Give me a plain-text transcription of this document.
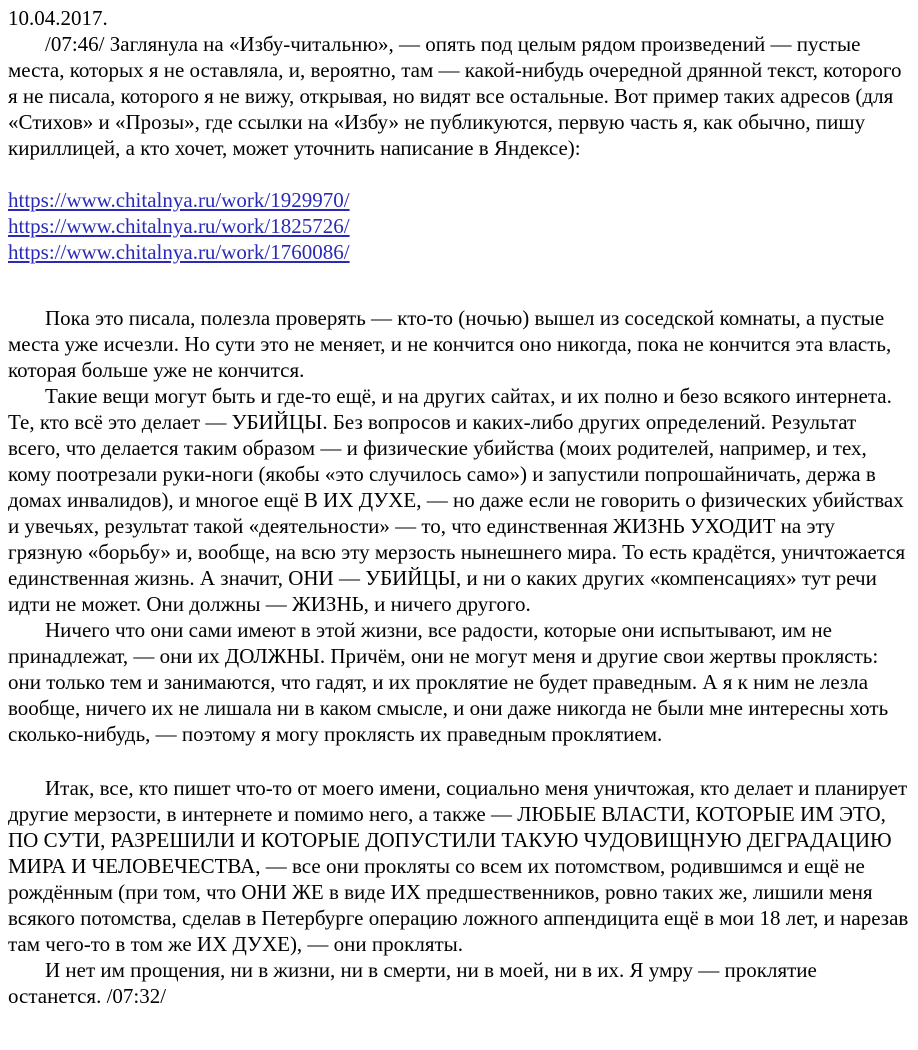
10.04.2017.

/07:46/ Заглянула на «Избу-читальню», — опять под целым рядом произведений — пустые места, которых я не оставляла, и, вероятно, там — какой-нибудь очередной дрянной текст, которого я не писала, которого я не вижу, открывая, но видят все остальные. Вот пример таких адресов (для «Стихов» и «Прозы», где ссылки на «Избу» не публикуются, первую часть я, как обычно, пишу кириллицей, а кто хочет, может уточнить написание в Яндексе):

https://www.chitalnya.ru/work/1929970/
https://www.chitalnya.ru/work/1825726/
https://www.chitalnya.ru/work/1760086/

Пока это писала, полезла проверять — кто-то (ночью) вышел из соседской комнаты, а пустые места уже исчезли. Но сути это не меняет, и не кончится оно никогда, пока не кончится эта власть, которая больше уже не кончится.

Такие вещи могут быть и где-то ещё, и на других сайтах, и их полно и безо всякого интернета. Те, кто всё это делает — УБИЙЦЫ. Без вопросов и каких-либо других определений. Результат всего, что делается таким образом — и физические убийства (моих родителей, например, и тех, кому поотрезали руки-ноги (якобы «это случилось само») и запустили попрошайничать, держа в домах инвалидов), и многое ещё В ИХ ДУХЕ, — но даже если не говорить о физических убийствах и увечьях, результат такой «деятельности» — то, что единственная ЖИЗНЬ УХОДИТ на эту грязную «борьбу» и, вообще, на всю эту мерзость нынешнего мира. То есть крадётся, уничтожается единственная жизнь. А значит, ОНИ — УБИЙЦЫ, и ни о каких других «компенсациях» тут речи идти не может. Они должны — ЖИЗНЬ, и ничего другого.

Ничего что они сами имеют в этой жизни, все радости, которые они испытывают, им не принадлежат, — они их ДОЛЖНЫ. Причём, они не могут меня и другие свои жертвы проклясть: они только тем и занимаются, что гадят, и их проклятие не будет праведным. А я к ним не лезла вообще, ничего их не лишала ни в каком смысле, и они даже никогда не были мне интересны хоть сколько-нибудь, — поэтому я могу проклясть их праведным проклятием.

Итак, все, кто пишет что-то от моего имени, социально меня уничтожая, кто делает и планирует другие мерзости, в интернете и помимо него, а также — ЛЮБЫЕ ВЛАСТИ, КОТОРЫЕ ИМ ЭТО, ПО СУТИ, РАЗРЕШИЛИ И КОТОРЫЕ ДОПУСТИЛИ ТАКУЮ ЧУДОВИЩНУЮ ДЕГРАДАЦИЮ МИРА И ЧЕЛОВЕЧЕСТВА, — все они прокляты со всем их потомством, родившимся и ещё не рождённым (при том, что ОНИ ЖЕ в виде ИХ предшественников, ровно таких же, лишили меня всякого потомства, сделав в Петербурге операцию ложного аппендицита ещё в мои 18 лет, и нарезав там чего-то в том же ИХ ДУХЕ), — они прокляты.

И нет им прощения, ни в жизни, ни в смерти, ни в моей, ни в их. Я умру — проклятие останется. /07:32/
